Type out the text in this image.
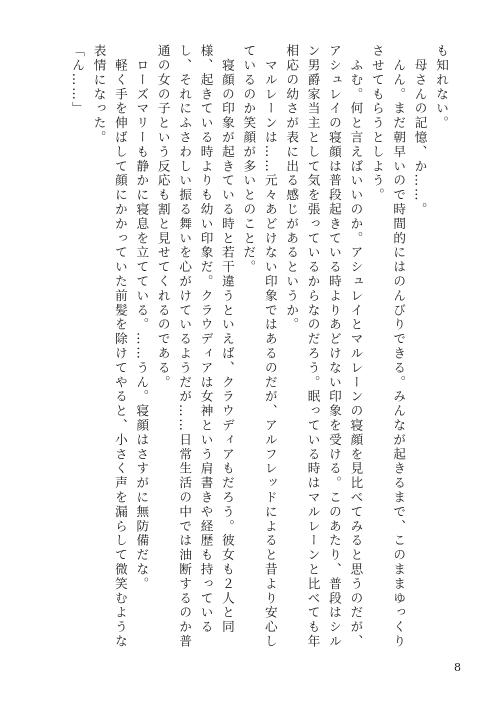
も知れない。

　母さんの記憶、か……。

　んん。まだ朝早いので時間的にはのんびりできる。みんなが起きるまで、このままゆっくりさせてもらうとしよう。

　ふむ。何と言えばいいのか。アシュレイとマルレーンの寝顔を見比べてみると思うのだが、アシュレイの寝顔は普段起きている時よりあどけない印象を受ける。このあたり、普段はシルン男爵家当主として気を張っているからなのだろう。眠っている時はマルレーンと比べても年相応の幼さが表に出る感じがあるというか。

　マルレーンは……元々あどけない印象ではあるのだが、アルフレッドによると昔より安心しているのか笑顔が多いとのことだ。

　寝顔の印象が起きている時と若干違うといえば、クラウディアもだろう。彼女も２人と同様、起きている時よりも幼い印象だ。クラウディアは女神という肩書きや経歴も持っているし、それにふさわしい振る舞いを心がけているようだが……日常生活の中では油断するのか普通の女の子という反応も割と見せてくれるのである。

　ローズマリーも静かに寝息を立てている。……うん。寝顔はさすがに無防備だな。

　軽く手を伸ばして顔にかかっていた前髪を除けてやると、小さく声を漏らして微笑むような表情になった。

「ん……」

8
